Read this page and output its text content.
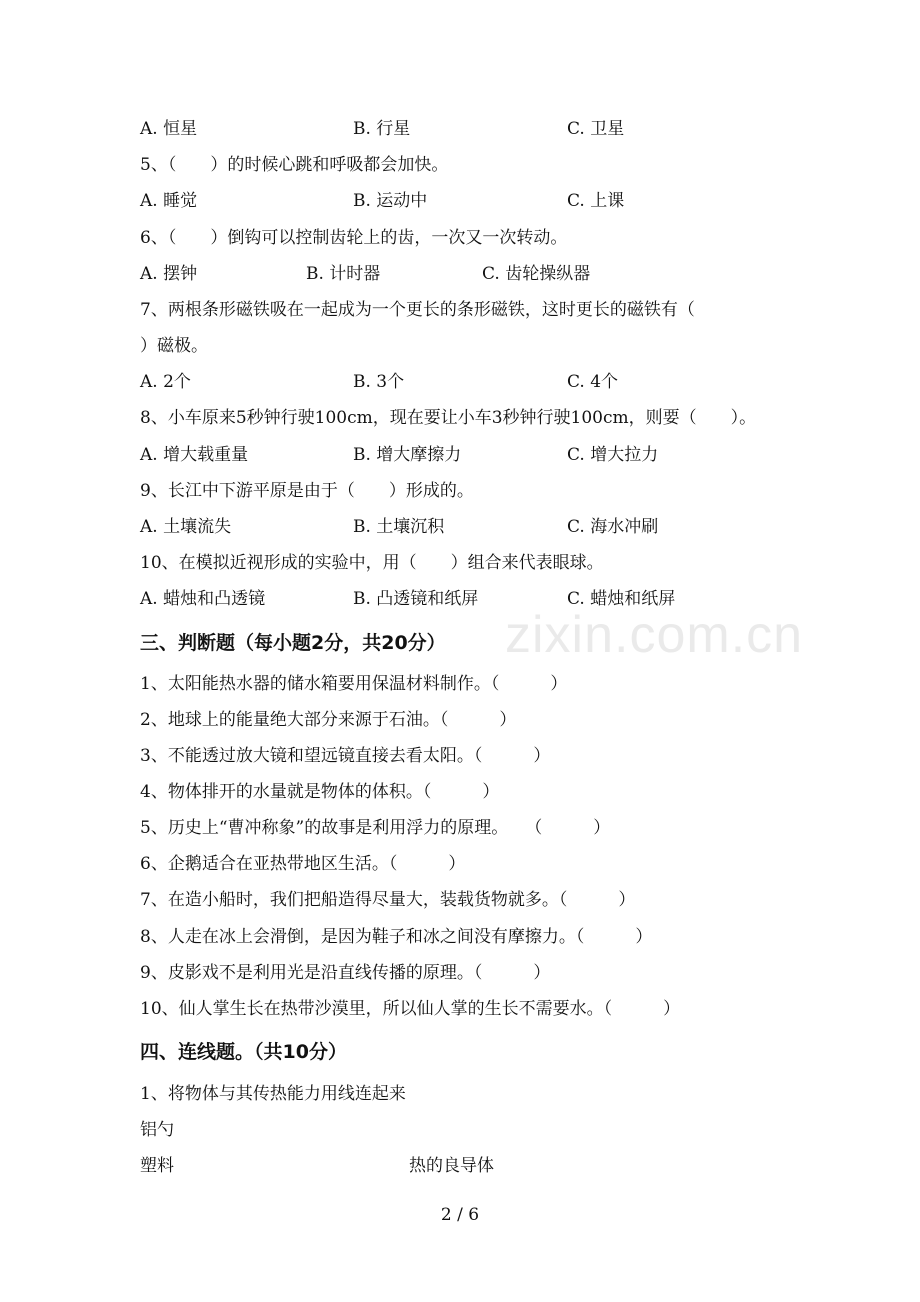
A. 恒星	B. 行星	C. 卫星
5、（　　）的时候心跳和呼吸都会加快。
A. 睡觉	B. 运动中	C. 上课
6、（　　）倒钩可以控制齿轮上的齿，一次又一次转动。
A. 摆钟	B. 计时器	C. 齿轮操纵器
7、两根条形磁铁吸在一起成为一个更长的条形磁铁，这时更长的磁铁有（
）磁极。
A. 2个	B. 3个	C. 4个
8、小车原来5秒钟行驶100cm，现在要让小车3秒钟行驶100cm，则要（　　）。
A. 增大载重量	B. 增大摩擦力	C. 增大拉力
9、长江中下游平原是由于（　　）形成的。
A. 土壤流失	B. 土壤沉积	C. 海水冲刷
10、在模拟近视形成的实验中，用（　　）组合来代表眼球。
A. 蜡烛和凸透镜	B. 凸透镜和纸屏	C. 蜡烛和纸屏
zixin.com.cn
三、判断题（每小题2分，共20分）
1、太阳能热水器的储水箱要用保温材料制作。（　　　）
2、地球上的能量绝大部分来源于石油。（　　　）
3、不能透过放大镜和望远镜直接去看太阳。（　　　）
4、物体排开的水量就是物体的体积。（　　　）
5、历史上“曹冲称象”的故事是利用浮力的原理。　　（　　　）
6、企鹅适合在亚热带地区生活。（　　　）
7、在造小船时，我们把船造得尽量大，装载货物就多。（　　　）
8、人走在冰上会滑倒，是因为鞋子和冰之间没有摩擦力。（　　　）
9、皮影戏不是利用光是沿直线传播的原理。（　　　）
10、仙人掌生长在热带沙漠里，所以仙人掌的生长不需要水。（　　　）
四、连线题。（共10分）
1、将物体与其传热能力用线连起来
铝勺
塑料	热的良导体
2 / 6
